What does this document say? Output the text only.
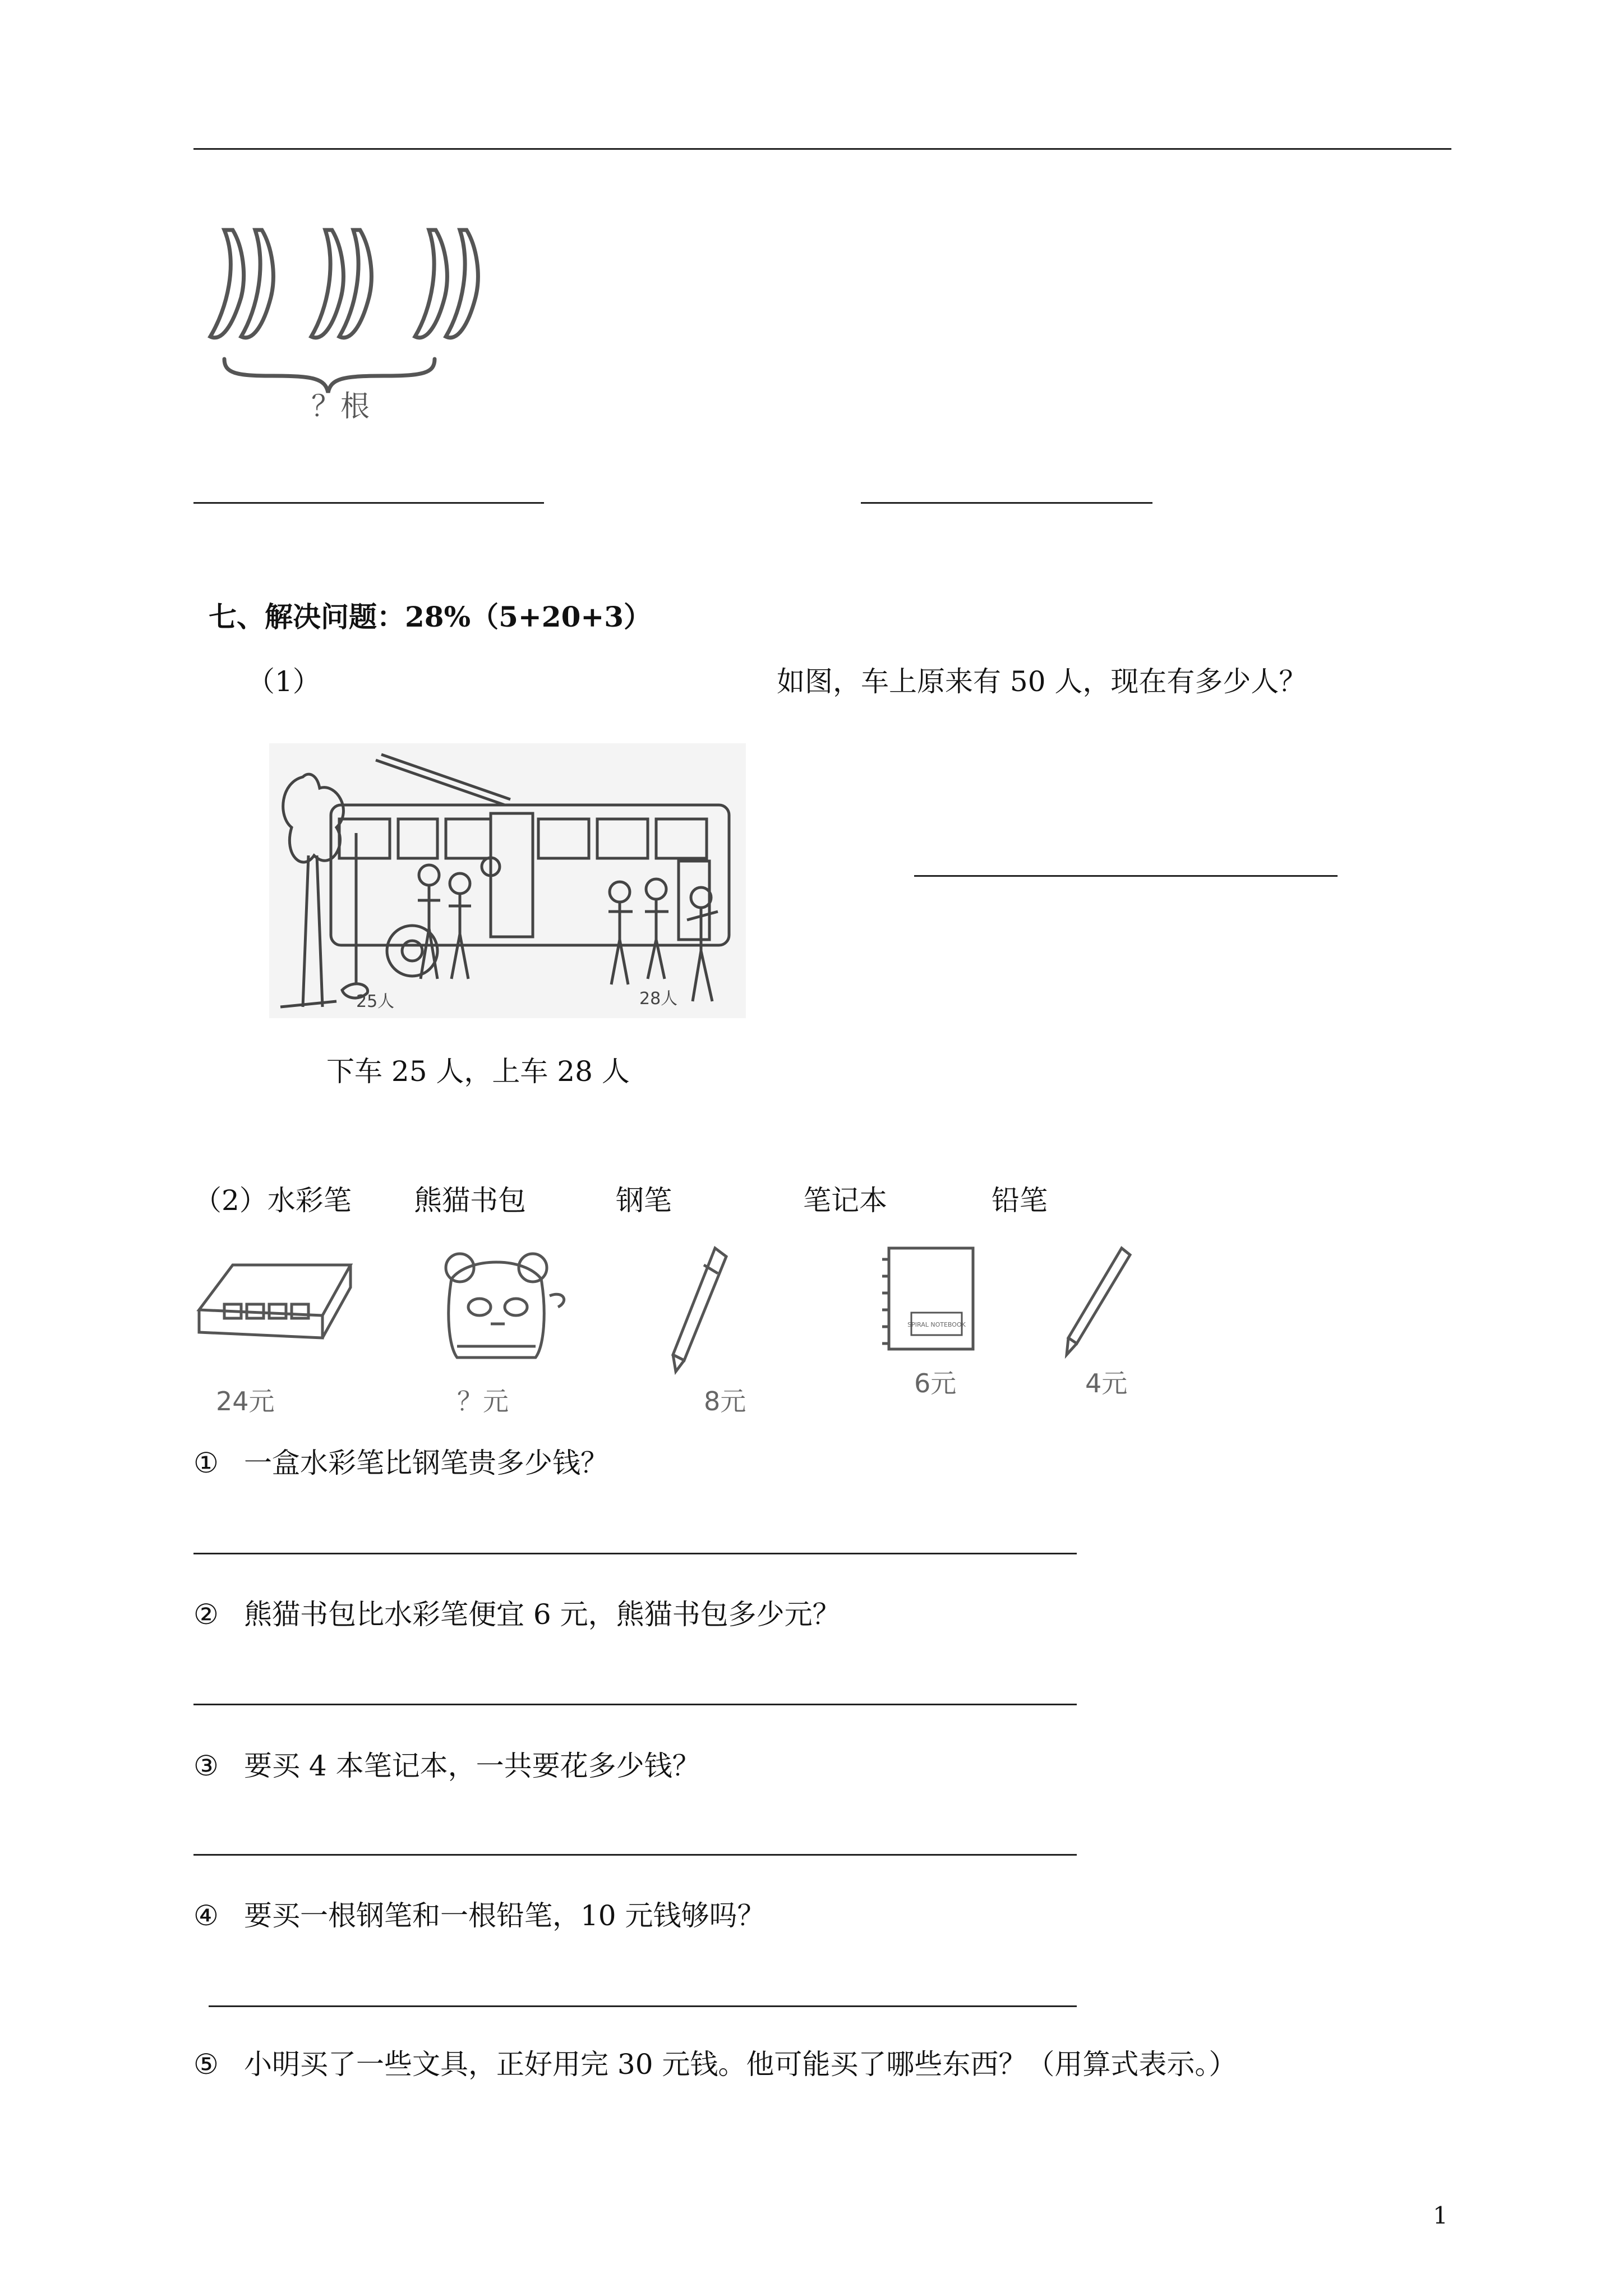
？根
七、解决问题：28%（5+20+3）
（1）	如图，车上原来有 50 人，现在有多少人？
25人	28人
下车 25 人，上车 28 人
（2）水彩笔 熊猫书包	钢笔	笔记本	铅笔
SPIRAL NOTEBOOK
24元	？元	8元
6元	4元
① 一盒水彩笔比钢笔贵多少钱？
② 熊猫书包比水彩笔便宜 6 元，熊猫书包多少元？
③ 要买 4 本笔记本，一共要花多少钱？
④ 要买一根钢笔和一根铅笔，10 元钱够吗？
⑤ 小明买了一些文具，正好用完 30 元钱。他可能买了哪些东西？（用算式表示。）
1
